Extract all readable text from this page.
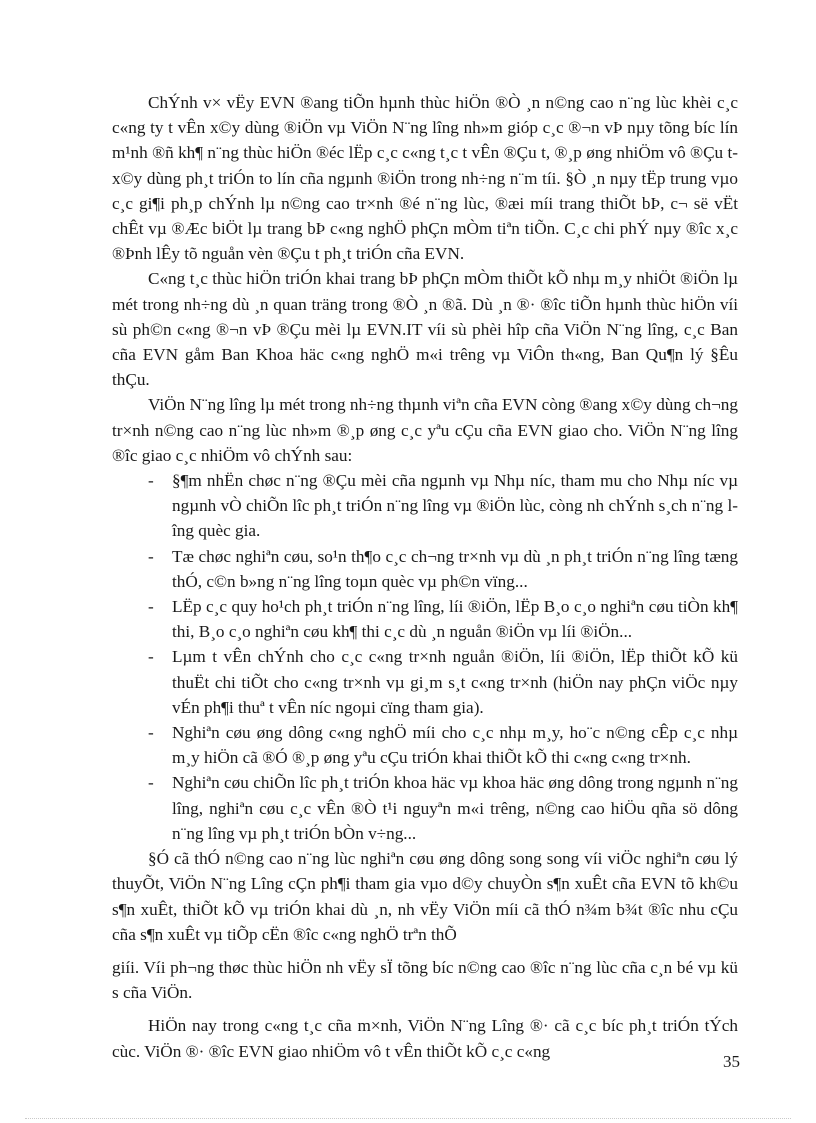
ChÝnh v× vËy EVN ®ang tiÕn hµnh thùc hiÖn ®Ò ¸n n©ng cao n¨ng lùc khèi c¸c c«ng ty t vÊn x©y dùng ®iÖn vµ ViÖn N¨ng lîng nh»m gióp c¸c ®¬n vÞ nµy tõng bíc lín m¹nh ®ñ kh¶ n¨ng thùc hiÖn ®éc lËp c¸c c«ng t¸c t vÊn ®Çu t, ®¸p øng nhiÖm vô ®Çu t x©y dùng ph¸t triÓn to lín cña ngµnh ®iÖn trong nh÷ng n¨m tíi. §Ò ¸n nµy tËp trung vµo c¸c gi¶i ph¸p chÝnh lµ n©ng cao tr×nh ®é n¨ng lùc, ®æi míi trang thiÕt bÞ, c¬ së vËt chÊt vµ ®Æc biÖt lµ trang bÞ c«ng nghÖ phÇn mÒm tiªn tiÕn. C¸c chi phÝ nµy ®îc x¸c ®Þnh lÊy tõ nguån vèn ®Çu t ph¸t triÓn cña EVN.

C«ng t¸c thùc hiÖn triÓn khai trang bÞ phÇn mÒm thiÕt kÕ nhµ m¸y nhiÖt ®iÖn lµ mét trong nh÷ng dù ¸n quan träng trong ®Ò ¸n ®ã. Dù ¸n ®· ®îc tiÕn hµnh thùc hiÖn víi sù ph©n c«ng ®¬n vÞ ®Çu mèi lµ EVN.IT víi sù phèi hîp cña ViÖn N¨ng lîng, c¸c Ban cña EVN gåm Ban Khoa häc c«ng nghÖ m«i trêng vµ ViÔn th«ng, Ban Qu¶n lý §Êu thÇu.

ViÖn N¨ng lîng lµ mét trong nh÷ng thµnh viªn cña EVN còng ®ang x©y dùng ch¬ng tr×nh n©ng cao n¨ng lùc nh»m ®¸p øng c¸c yªu cÇu cña EVN giao cho. ViÖn N¨ng lîng ®îc giao c¸c nhiÖm vô chÝnh sau:

- §¶m nhËn chøc n¨ng ®Çu mèi cña ngµnh vµ Nhµ níc, tham mu cho Nhµ níc vµ ngµnh vÒ chiÕn lîc ph¸t triÓn n¨ng lîng vµ ®iÖn lùc, còng nh chÝnh s¸ch n¨ng lîng quèc gia.
- Tæ chøc nghiªn cøu, so¹n th¶o c¸c ch¬ng tr×nh vµ dù ¸n ph¸t triÓn n¨ng lîng tæng thÓ, c©n b»ng n¨ng lîng toµn quèc vµ ph©n vïng...
- LËp c¸c quy ho¹ch ph¸t triÓn n¨ng lîng, líi ®iÖn, lËp B¸o c¸o nghiªn cøu tiÒn kh¶ thi, B¸o c¸o nghiªn cøu kh¶ thi c¸c dù ¸n nguån ®iÖn vµ líi ®iÖn...
- Lµm t vÊn chÝnh cho c¸c c«ng tr×nh nguån ®iÖn, líi ®iÖn, lËp thiÕt kÕ kü thuËt chi tiÕt cho c«ng tr×nh vµ gi¸m s¸t c«ng tr×nh (hiÖn nay phÇn viÖc nµy vÉn ph¶i thuª t vÊn níc ngoµi cïng tham gia).
- Nghiªn cøu øng dông c«ng nghÖ míi cho c¸c nhµ m¸y, ho¨c n©ng cÊp c¸c nhµ m¸y hiÖn cã ®Ó ®¸p øng yªu cÇu triÓn khai thiÕt kÕ thi c«ng c«ng tr×nh.
- Nghiªn cøu chiÕn lîc ph¸t triÓn khoa häc vµ khoa häc øng dông trong ngµnh n¨ng lîng, nghiªn cøu c¸c vÊn ®Ò t¹i nguyªn m«i trêng, n©ng cao hiÖu qña sö dông n¨ng lîng vµ ph¸t triÓn bÒn v÷ng...

§Ó cã thÓ n©ng cao n¨ng lùc nghiªn cøu øng dông song song víi viÖc nghiªn cøu lý thuyÕt, ViÖn N¨ng Lîng cÇn ph¶i tham gia vµo d©y chuyÒn s¶n xuÊt cña EVN tõ kh©u s¶n xuÊt, thiÕt kÕ vµ triÓn khai dù ¸n, nh vËy ViÖn míi cã thÓ n¾m b¾t ®îc nhu cÇu cña s¶n xuÊt vµ tiÕp cËn ®îc c«ng nghÖ trªn thÕ

giíi. Víi ph¬ng thøc thùc hiÖn nh vËy sÏ tõng bíc n©ng cao ®îc n¨ng lùc cña c¸n bé vµ kü s cña ViÖn.

HiÖn nay trong c«ng t¸c cña m×nh, ViÖn N¨ng Lîng ®· cã c¸c bíc ph¸t triÓn tÝch cùc. ViÖn ®· ®îc EVN giao nhiÖm vô t vÊn thiÕt kÕ c¸c c«ng

35
